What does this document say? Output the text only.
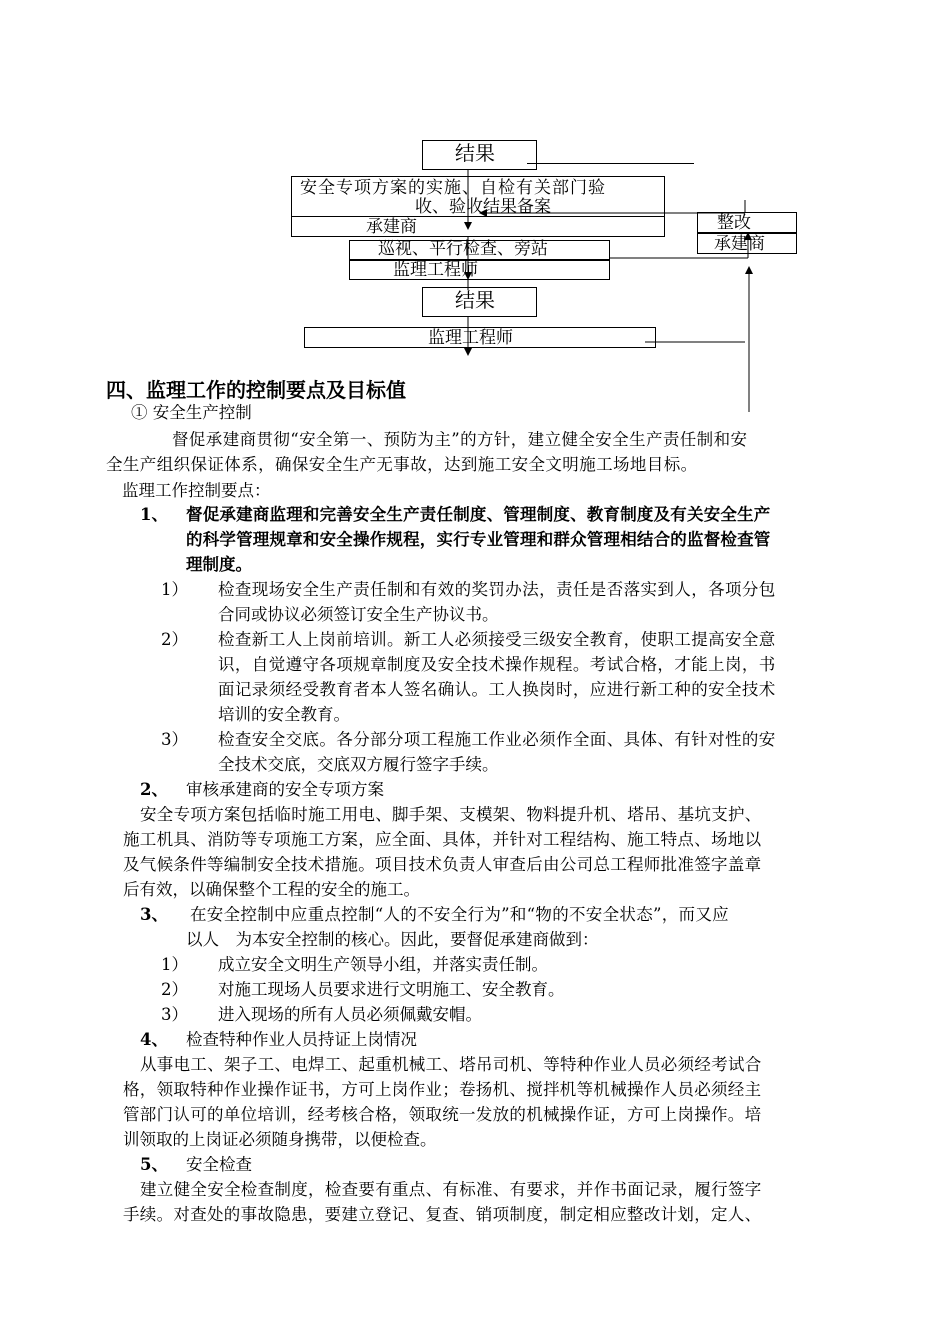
结果
安全专项方案的实施、自检有关部门验
收、验收结果备案
承建商
巡视、平行检查、旁站
监理工程师
结果
监理工程师
整改
承建商
四、监理工作的控制要点及目标值
① 安全生产控制
督促承建商贯彻“安全第一、预防为主”的方针，建立健全安全生产责任制和安
全生产组织保证体系，确保安全生产无事故，达到施工安全文明施工场地目标。
监理工作控制要点：
1、 督促承建商监理和完善安全生产责任制度、管理制度、教育制度及有关安全生产
的科学管理规章和安全操作规程，实行专业管理和群众管理相结合的监督检查管
理制度。
1） 检查现场安全生产责任制和有效的奖罚办法，责任是否落实到人，各项分包
合同或协议必须签订安全生产协议书。
2） 检查新工人上岗前培训。新工人必须接受三级安全教育，使职工提高安全意
识，自觉遵守各项规章制度及安全技术操作规程。考试合格，才能上岗，书
面记录须经受教育者本人签名确认。工人换岗时，应进行新工种的安全技术
培训的安全教育。
3） 检查安全交底。各分部分项工程施工作业必须作全面、具体、有针对性的安
全技术交底，交底双方履行签字手续。
2、 审核承建商的安全专项方案
安全专项方案包括临时施工用电、脚手架、支模架、物料提升机、塔吊、基坑支护、
施工机具、消防等专项施工方案，应全面、具体，并针对工程结构、施工特点、场地以
及气候条件等编制安全技术措施。项目技术负责人审查后由公司总工程师批准签字盖章
后有效，以确保整个工程的安全的施工。
3、 在安全控制中应重点控制“人的不安全行为”和“物的不安全状态”，而又应
以人　为本安全控制的核心。因此，要督促承建商做到：
1） 成立安全文明生产领导小组，并落实责任制。
2） 对施工现场人员要求进行文明施工、安全教育。
3） 进入现场的所有人员必须佩戴安帽。
4、 检查特种作业人员持证上岗情况
从事电工、架子工、电焊工、起重机械工、塔吊司机、等特种作业人员必须经考试合
格，领取特种作业操作证书，方可上岗作业；卷扬机、搅拌机等机械操作人员必须经主
管部门认可的单位培训，经考核合格，领取统一发放的机械操作证，方可上岗操作。培
训领取的上岗证必须随身携带，以便检查。
5、 安全检查
建立健全安全检查制度，检查要有重点、有标准、有要求，并作书面记录，履行签字
手续。对查处的事故隐患，要建立登记、复查、销项制度，制定相应整改计划，定人、
